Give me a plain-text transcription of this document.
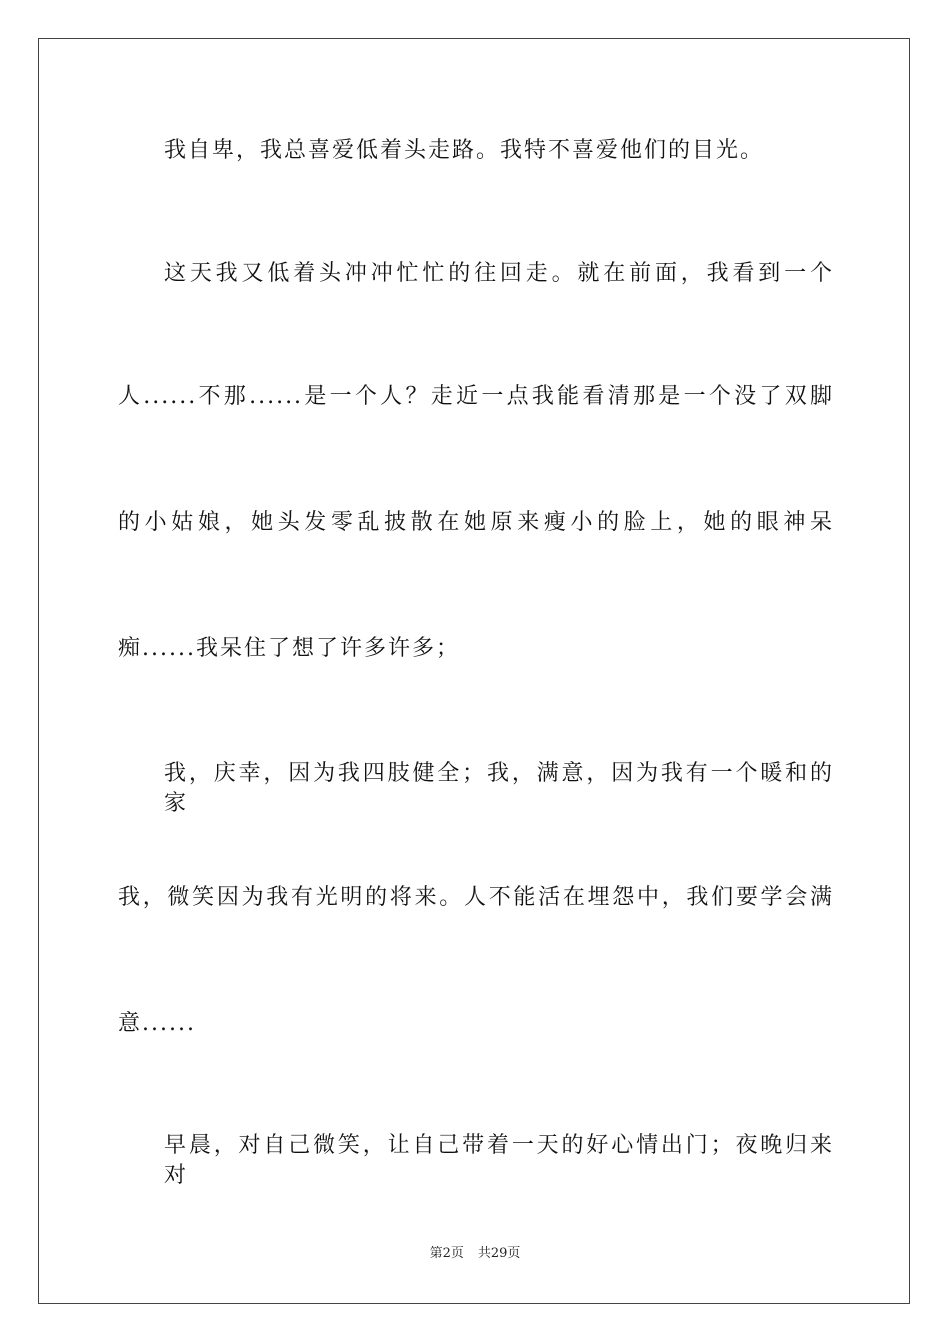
我自卑，我总喜爱低着头走路。我特不喜爱他们的目光。
这天我又低着头冲冲忙忙的往回走。就在前面，我看到一个
人......不那......是一个人？走近一点我能看清那是一个没了双脚
的小姑娘，她头发零乱披散在她原来瘦小的脸上，她的眼神呆
痴......我呆住了想了许多许多；
我，庆幸，因为我四肢健全；我，满意，因为我有一个暖和的家
我，微笑因为我有光明的将来。人不能活在埋怨中，我们要学会满
意......
早晨，对自己微笑，让自己带着一天的好心情出门；夜晚归来对
第2页 共29页
